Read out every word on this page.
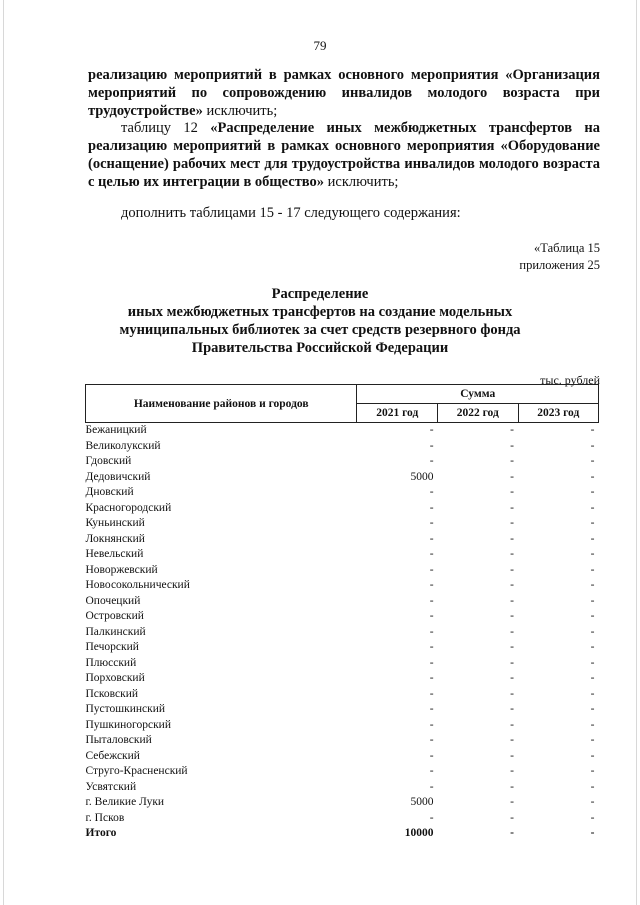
79
реализацию мероприятий в рамках основного мероприятия «Организация мероприятий по сопровождению инвалидов молодого возраста при трудоустройстве» исключить;
таблицу 12 «Распределение иных межбюджетных трансфертов на реализацию мероприятий в рамках основного мероприятия «Оборудование (оснащение) рабочих мест для трудоустройства инвалидов молодого возраста с целью их интеграции в общество» исключить;
дополнить таблицами 15 - 17 следующего содержания:
«Таблица 15
приложения 25
Распределение
иных межбюджетных трансфертов на создание модельных
муниципальных библиотек за счет средств резервного фонда
Правительства Российской Федерации
тыс. рублей
Наименование районов и городов	Сумма		
	2021 год	2022 год	2023 год
Бежаницкий	-	-	-
Великолукский	-	-	-
Гдовский	-	-	-
Дедовичский	5000	-	-
Дновский	-	-	-
Красногородский	-	-	-
Куньинский	-	-	-
Локнянский	-	-	-
Невельский	-	-	-
Новоржевский	-	-	-
Новосокольнический	-	-	-
Опочецкий	-	-	-
Островский	-	-	-
Палкинский	-	-	-
Печорский	-	-	-
Плюсский	-	-	-
Порховский	-	-	-
Псковский	-	-	-
Пустошкинский	-	-	-
Пушкиногорский	-	-	-
Пыталовский	-	-	-
Себежский	-	-	-
Струго-Красненский	-	-	-
Усвятский	-	-	-
г. Великие Луки	5000	-	-
г. Псков	-	-	-
Итого	10000	-	-
